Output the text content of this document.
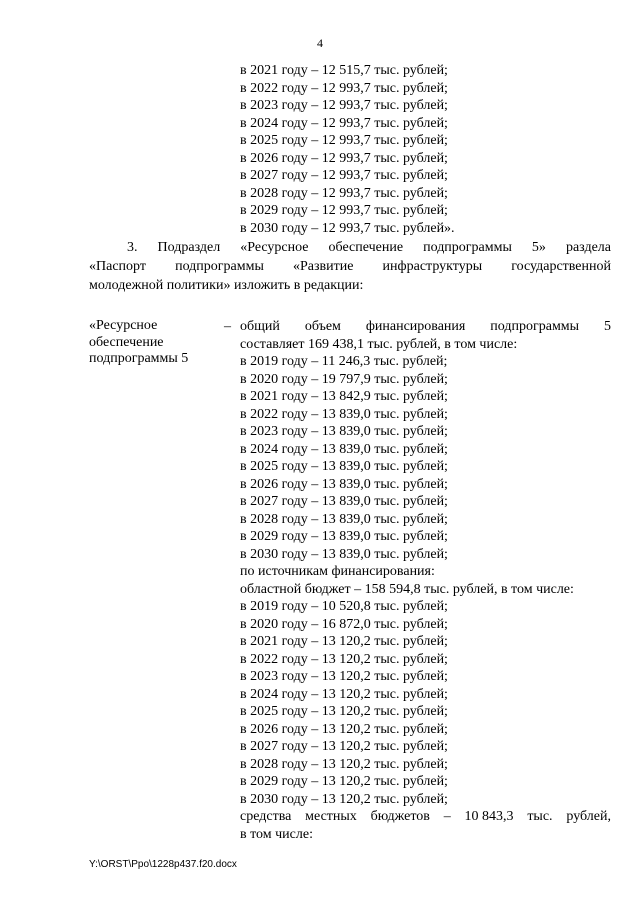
4
в 2021 году – 12 515,7 тыс. рублей;
в 2022 году – 12 993,7 тыс. рублей;
в 2023 году – 12 993,7 тыс. рублей;
в 2024 году – 12 993,7 тыс. рублей;
в 2025 году – 12 993,7 тыс. рублей;
в 2026 году – 12 993,7 тыс. рублей;
в 2027 году – 12 993,7 тыс. рублей;
в 2028 году – 12 993,7 тыс. рублей;
в 2029 году – 12 993,7 тыс. рублей;
в 2030 году – 12 993,7 тыс. рублей».

3. Подраздел «Ресурсное обеспечение подпрограммы 5» раздела

«Паспорт подпрограммы «Развитие инфраструктуры государственной

молодежной политики» изложить в редакции:

«Ресурсное
обеспечение
подпрограммы 5
– общий объем финансирования подпрограммы 5
составляет 169 438,1 тыс. рублей, в том числе:
в 2019 году – 11 246,3 тыс. рублей;
в 2020 году – 19 797,9 тыс. рублей;
в 2021 году – 13 842,9 тыс. рублей;
в 2022 году – 13 839,0 тыс. рублей;
в 2023 году – 13 839,0 тыс. рублей;
в 2024 году – 13 839,0 тыс. рублей;
в 2025 году – 13 839,0 тыс. рублей;
в 2026 году – 13 839,0 тыс. рублей;
в 2027 году – 13 839,0 тыс. рублей;
в 2028 году – 13 839,0 тыс. рублей;
в 2029 году – 13 839,0 тыс. рублей;
в 2030 году – 13 839,0 тыс. рублей;
по источникам финансирования:
областной бюджет – 158 594,8 тыс. рублей, в том числе:
в 2019 году – 10 520,8 тыс. рублей;
в 2020 году – 16 872,0 тыс. рублей;
в 2021 году – 13 120,2 тыс. рублей;
в 2022 году – 13 120,2 тыс. рублей;
в 2023 году – 13 120,2 тыс. рублей;
в 2024 году – 13 120,2 тыс. рублей;
в 2025 году – 13 120,2 тыс. рублей;
в 2026 году – 13 120,2 тыс. рублей;
в 2027 году – 13 120,2 тыс. рублей;
в 2028 году – 13 120,2 тыс. рублей;
в 2029 году – 13 120,2 тыс. рублей;
в 2030 году – 13 120,2 тыс. рублей;
средства местных бюджетов – 10 843,3 тыс. рублей,
в том числе:
Y:\ORST\Ppo\1228p437.f20.docx
